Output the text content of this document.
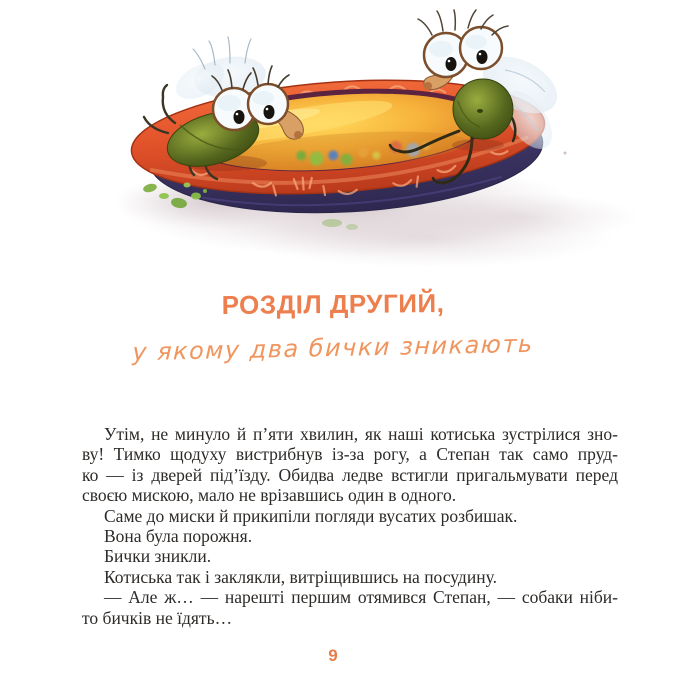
РОЗДІЛ ДРУГИЙ,
у якому два бички зникають
Утім, не минуло й п’яти хвилин, як наші котиська зустрілися зно-
ву! Тимко щодуху вистрибнув із-за рогу, а Степан так само пруд-
ко — із дверей під’їзду. Обидва ледве встигли пригальмувати перед
своєю мискою, мало не врізавшись один в одного.
Саме до миски й прикипіли погляди вусатих розбишак.
Вона була порожня.
Бички зникли.
Котиська так і заклякли, витріщившись на посудину.
— Але ж… — нарешті першим отямився Степан, — собаки ніби-
то бичків не їдять…
9
